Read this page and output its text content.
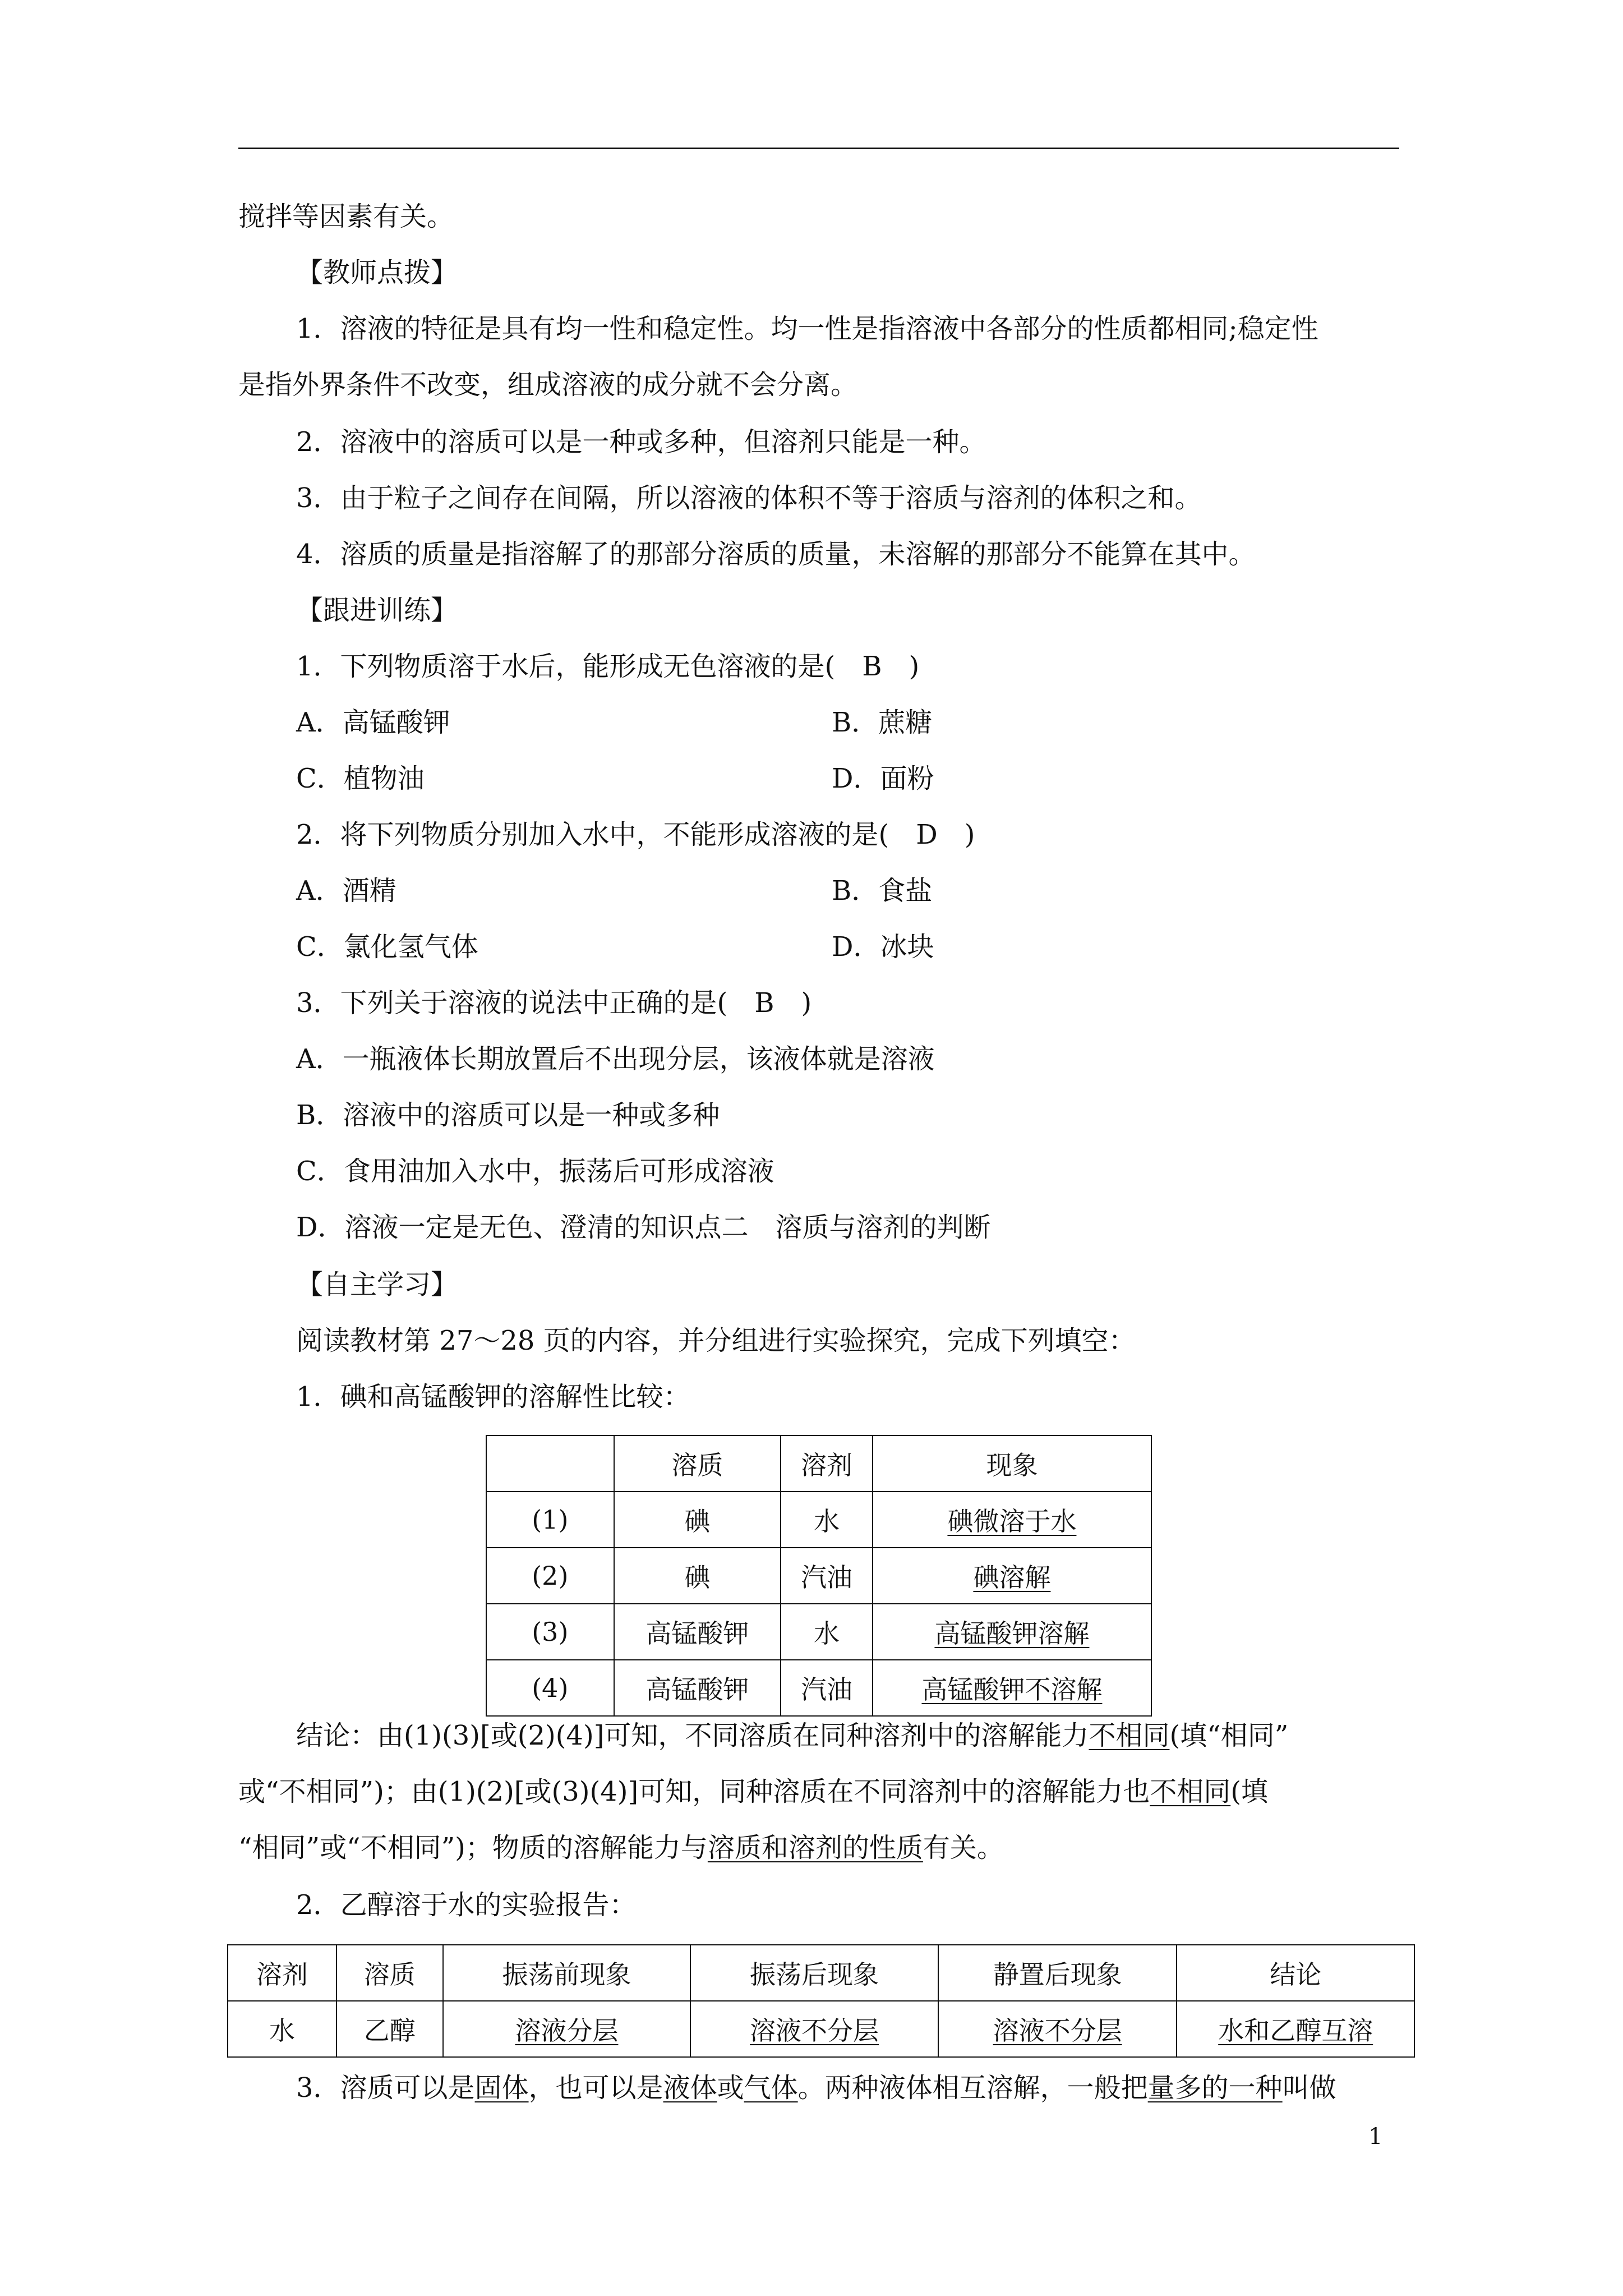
搅拌等因素有关。
【教师点拨】
1．溶液的特征是具有均一性和稳定性。均一性是指溶液中各部分的性质都相同;稳定性
是指外界条件不改变，组成溶液的成分就不会分离。
2．溶液中的溶质可以是一种或多种，但溶剂只能是一种。
3．由于粒子之间存在间隔，所以溶液的体积不等于溶质与溶剂的体积之和。
4．溶质的质量是指溶解了的那部分溶质的质量，未溶解的那部分不能算在其中。
【跟进训练】
1．下列物质溶于水后，能形成无色溶液的是(　B　)
A．高锰酸钾	B．蔗糖
C．植物油	D．面粉
2．将下列物质分别加入水中，不能形成溶液的是(　D　)
A．酒精	B．食盐
C．氯化氢气体	D．冰块
3．下列关于溶液的说法中正确的是(　B　)
A．一瓶液体长期放置后不出现分层，该液体就是溶液
B．溶液中的溶质可以是一种或多种
C．食用油加入水中，振荡后可形成溶液
D．溶液一定是无色、澄清的知识点二　溶质与溶剂的判断
【自主学习】
阅读教材第 27～28 页的内容，并分组进行实验探究，完成下列填空：
1．碘和高锰酸钾的溶解性比较：
	溶质	溶剂	现象
(1)	碘	水	碘微溶于水
(2)	碘	汽油	碘溶解
(3)	高锰酸钾	水	高锰酸钾溶解
(4)	高锰酸钾	汽油	高锰酸钾不溶解
结论：由(1)(3)[或(2)(4)]可知，不同溶质在同种溶剂中的溶解能力不相同(填“相同”
或“不相同”)；由(1)(2)[或(3)(4)]可知，同种溶质在不同溶剂中的溶解能力也不相同(填
“相同”或“不相同”)；物质的溶解能力与溶质和溶剂的性质有关。
2．乙醇溶于水的实验报告：
溶剂	溶质	振荡前现象	振荡后现象	静置后现象	结论
水	乙醇	溶液分层	溶液不分层	溶液不分层	水和乙醇互溶
3．溶质可以是固体，也可以是液体或气体。两种液体相互溶解，一般把量多的一种叫做
1
